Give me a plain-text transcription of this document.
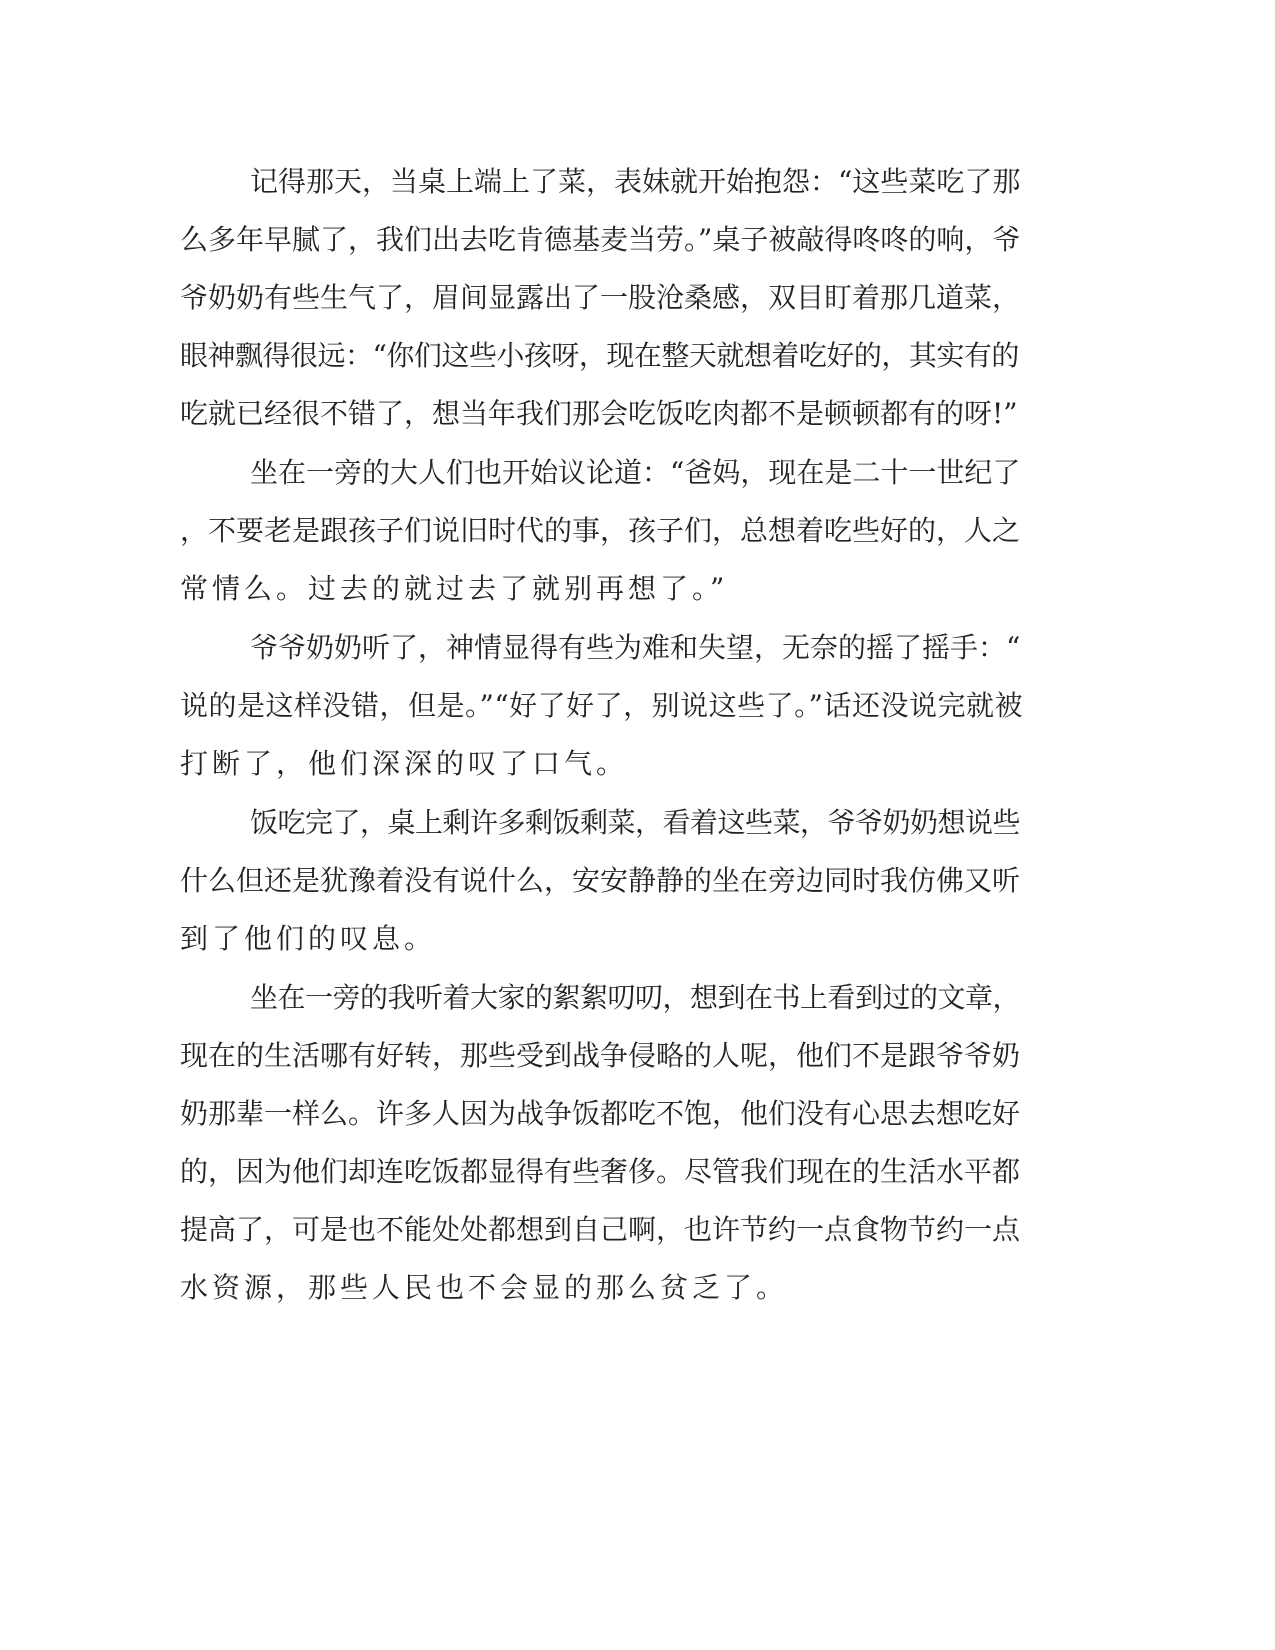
记得那天，当桌上端上了菜，表妹就开始抱怨：“这些菜吃了那
么多年早腻了，我们出去吃肯德基麦当劳。”桌子被敲得咚咚的响，爷
爷奶奶有些生气了，眉间显露出了一股沧桑感，双目盯着那几道菜，
眼神飘得很远：“你们这些小孩呀，现在整天就想着吃好的，其实有的
吃就已经很不错了，想当年我们那会吃饭吃肉都不是顿顿都有的呀!”
坐在一旁的大人们也开始议论道：“爸妈，现在是二十一世纪了
，不要老是跟孩子们说旧时代的事，孩子们，总想着吃些好的，人之
常情么。过去的就过去了就别再想了。”
爷爷奶奶听了，神情显得有些为难和失望，无奈的摇了摇手：“
说的是这样没错，但是。”“好了好了，别说这些了。”话还没说完就被
打断了，他们深深的叹了口气。
饭吃完了，桌上剩许多剩饭剩菜，看着这些菜，爷爷奶奶想说些
什么但还是犹豫着没有说什么，安安静静的坐在旁边同时我仿佛又听
到了他们的叹息。
坐在一旁的我听着大家的絮絮叨叨，想到在书上看到过的文章，
现在的生活哪有好转，那些受到战争侵略的人呢，他们不是跟爷爷奶
奶那辈一样么。许多人因为战争饭都吃不饱，他们没有心思去想吃好
的，因为他们却连吃饭都显得有些奢侈。尽管我们现在的生活水平都
提高了，可是也不能处处都想到自己啊，也许节约一点食物节约一点
水资源，那些人民也不会显的那么贫乏了。
